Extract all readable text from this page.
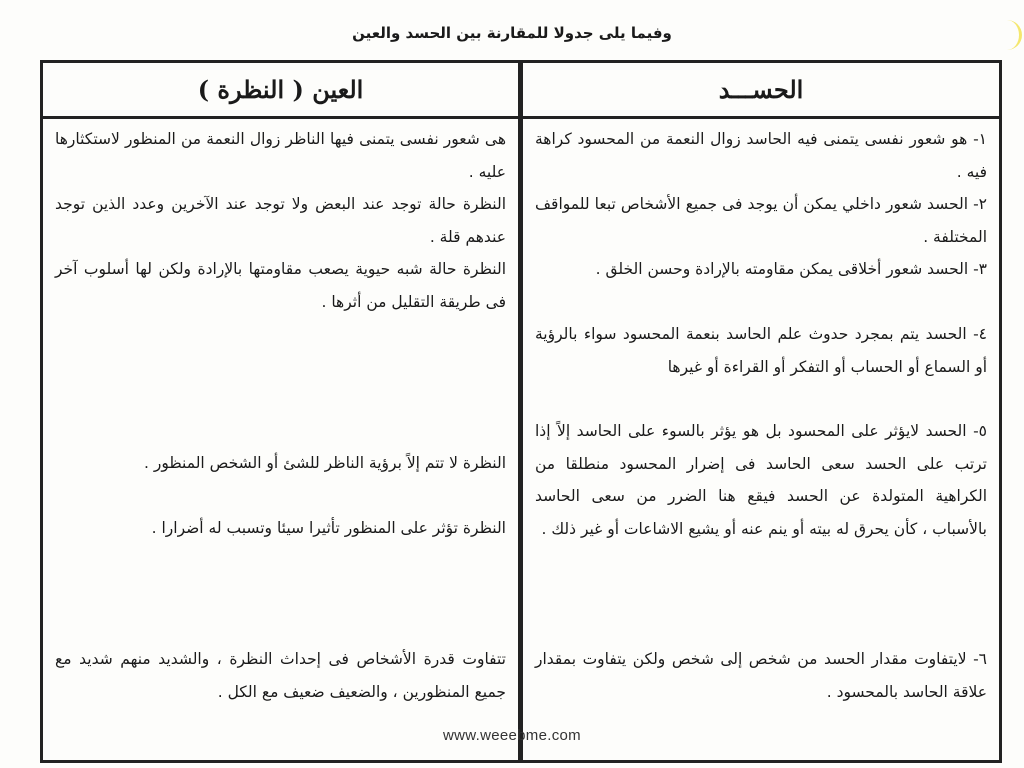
وفيما يلى جدولا للمقارنة بين الحسد والعين
الحســـد
١- هو شعور نفسى يتمنى فيه الحاسد زوال النعمة من المحسود كراهة فيه .
٢- الحسد شعور داخلي يمكن أن يوجد فى جميع الأشخاص تبعا للمواقف المختلفة .
٣- الحسد شعور أخلاقى يمكن مقاومته بالإرادة وحسن الخلق .
٤- الحسد يتم بمجرد حدوث علم الحاسد بنعمة المحسود سواء بالرؤية أو السماع أو الحساب أو التفكر أو القراءة أو غيرها
٥- الحسد لايؤثر على المحسود بل هو يؤثر بالسوء على الحاسد إلاً إذا ترتب على الحسد سعى الحاسد فى إضرار المحسود منطلقا من الكراهية المتولدة عن الحسد فيقع هنا الضرر من سعى الحاسد بالأسباب ، كأن يحرق له بيته أو ينم عنه أو يشيع الاشاعات أو غير ذلك .
٦- لايتفاوت مقدار الحسد من شخص إلى شخص ولكن يتفاوت بمقدار علاقة الحاسد بالمحسود .
العين ( النظرة )
هى شعور نفسى يتمنى فيها الناظر زوال النعمة من المنظور لاستكثارها عليه .
النظرة حالة توجد عند البعض ولا توجد عند الآخرين وعدد الذين توجد عندهم قلة .
النظرة حالة شبه حيوية يصعب مقاومتها بالإرادة ولكن لها أسلوب آخر فى طريقة التقليل من أثرها .
النظرة لا تتم إلاً برؤية الناظر للشئ أو الشخص المنظور .
النظرة تؤثر على المنظور تأثيرا سيئا وتسبب له أضرارا .
تتفاوت قدرة الأشخاص فى إحداث النظرة ، والشديد منهم شديد مع جميع المنظورين ، والضعيف ضعيف مع الكل .
www.weeebme.com
